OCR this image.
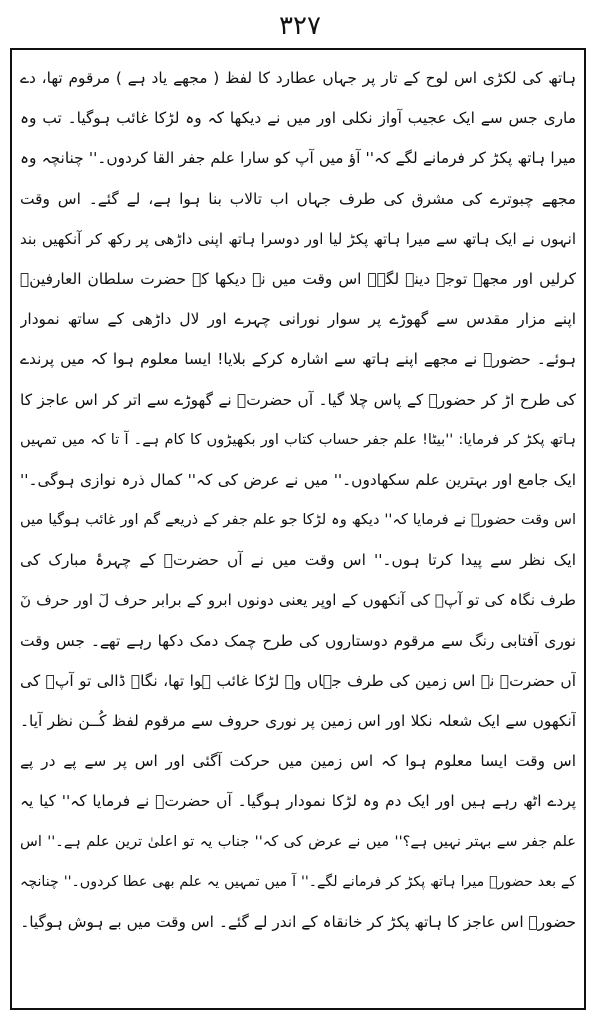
۳۲۷
ہاتھ کی لکڑی اس لوح کے تار پر جہاں عطارد کا لفظ ( مجھے یاد ہے ) مرقوم تھا، دے
ماری جس سے ایک عجیب آواز نکلی اور میں نے دیکھا کہ وہ لڑکا غائب ہوگیا۔ تب وہ
میرا ہاتھ پکڑ کر فرمانے لگے کہ'' آؤ میں آپ کو سارا علم جفر القا کردوں۔'' چنانچہ وہ
مجھے چبوترے کی مشرق کی طرف جہاں اب تالاب بنا ہوا ہے، لے گئے۔ اس وقت
انہوں نے ایک ہاتھ سے میرا ہاتھ پکڑ لیا اور دوسرا ہاتھ اپنی داڑھی پر رکھ کر آنکھیں بند
کرلیں اور مجھے توجہ دینے لگے۔ اس وقت میں نے دیکھا کہ حضرت سلطان العارفینؒ
اپنے مزار مقدس سے گھوڑے پر سوار نورانی چہرے اور لال داڑھی کے ساتھ نمودار
ہوئے۔ حضورؒ نے مجھے اپنے ہاتھ سے اشارہ کرکے بلایا! ایسا معلوم ہوا کہ میں پرندے
کی طرح اڑ کر حضورؒ کے پاس چلا گیا۔ آں حضرتؒ نے گھوڑے سے اتر کر اس عاجز کا
ہاتھ پکڑ کر فرمایا: ''بیٹا! علم جفر حساب کتاب اور بکھیڑوں کا کام ہے۔ آ تا کہ میں تمہیں
ایک جامع اور بہترین علم سکھادوں۔'' میں نے عرض کی کہ'' کمال ذرہ نوازی ہوگی۔''
اس وقت حضورؒ نے فرمایا کہ'' دیکھ وہ لڑکا جو علم جفر کے ذریعے گم اور غائب ہوگیا میں
ایک نظر سے پیدا کرتا ہوں۔'' اس وقت میں نے آں حضرتؒ کے چہرۂ مبارک کی
طرف نگاہ کی تو آپؒ کی آنکھوں کے اوپر یعنی دونوں ابرو کے برابر حرف لٓ اور حرف نٓ
نوری آفتابی رنگ سے مرقوم دوستاروں کی طرح چمک دمک دکھا رہے تھے۔ جس وقت
آں حضرتؒ نے اس زمین کی طرف جہاں وہ لڑکا غائب ہوا تھا، نگاہ ڈالی تو آپؒ کی
آنکھوں سے ایک شعلہ نکلا اور اس زمین پر نوری حروف سے مرقوم لفظ کُــن نظر آیا۔
اس وقت ایسا معلوم ہوا کہ اس زمین میں حرکت آگئی اور اس پر سے پے در پے
پردے اٹھ رہے ہیں اور ایک دم وہ لڑکا نمودار ہوگیا۔ آں حضرتؒ نے فرمایا کہ'' کیا یہ
علم جفر سے بہتر نہیں ہے؟'' میں نے عرض کی کہ'' جناب یہ تو اعلیٰ ترین علم ہے۔'' اس
کے بعد حضورؒ میرا ہاتھ پکڑ کر فرمانے لگے۔'' آ میں تمہیں یہ علم بھی عطا کردوں۔'' چنانچہ
حضورؒ اس عاجز کا ہاتھ پکڑ کر خانقاہ کے اندر لے گئے۔ اس وقت میں بے ہوش ہوگیا۔
